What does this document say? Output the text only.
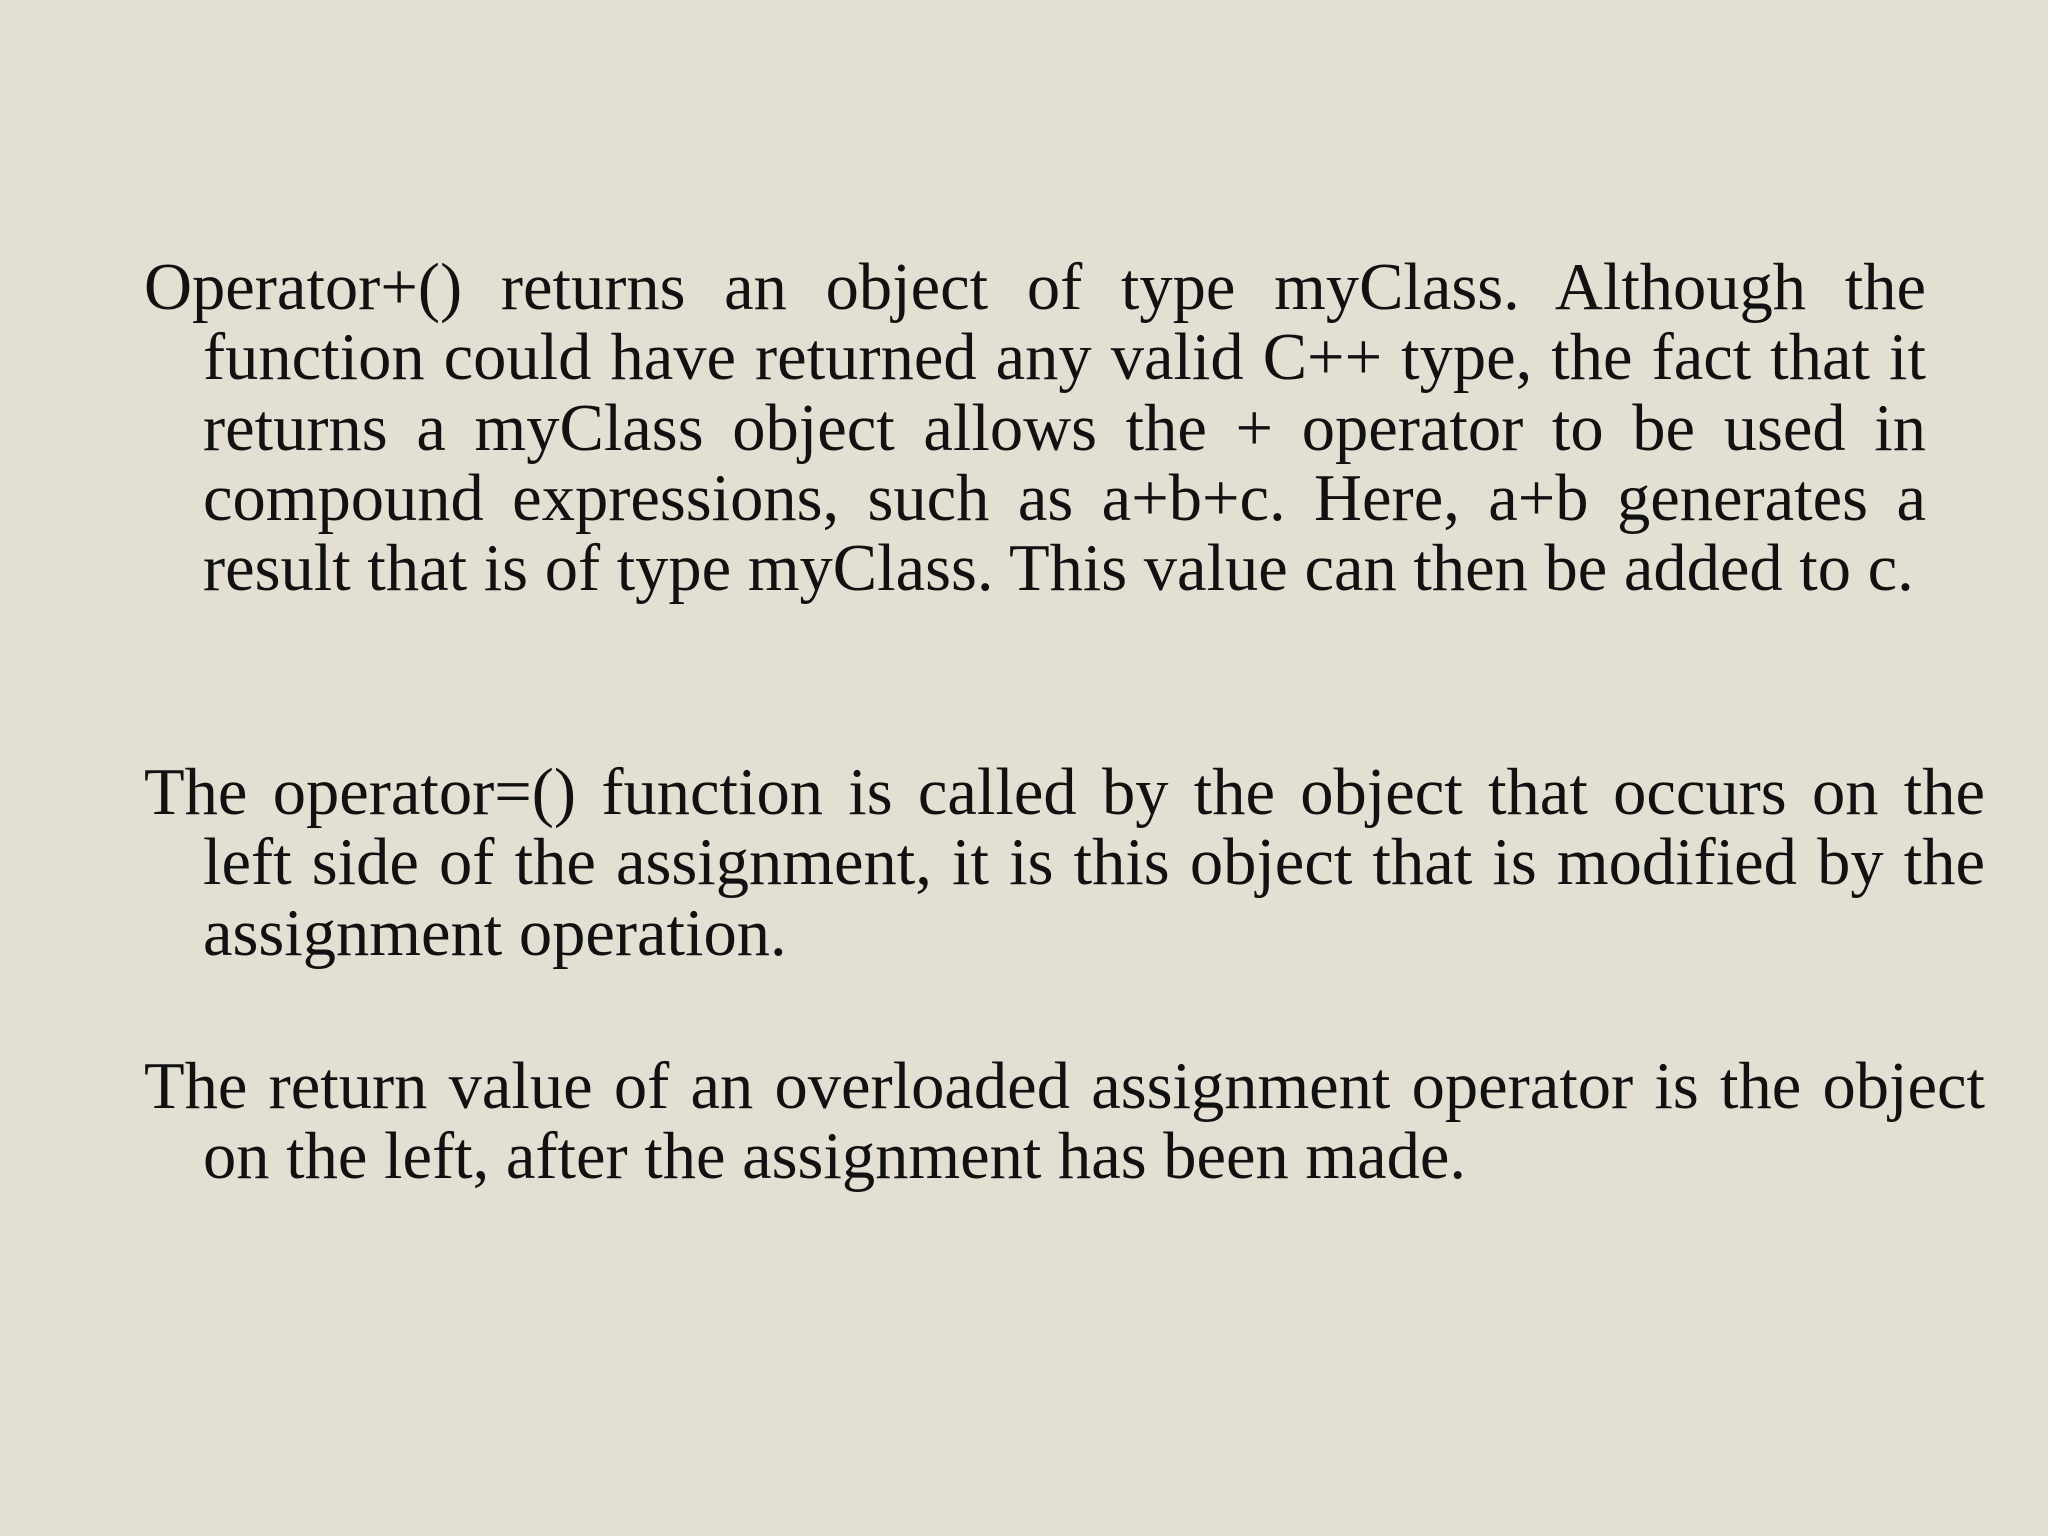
Operator+() returns an object of type myClass. Although the function could have returned any valid C++ type, the fact that it returns a myClass object allows the + operator to be used in compound expressions, such as a+b+c. Here, a+b generates a result that is of type myClass. This value can then be added to c.

The operator=() function is called by the object that occurs on the left side of the assignment, it is this object that is modified by the assignment operation.

The return value of an overloaded assignment operator is the object on the left, after the assignment has been made.
